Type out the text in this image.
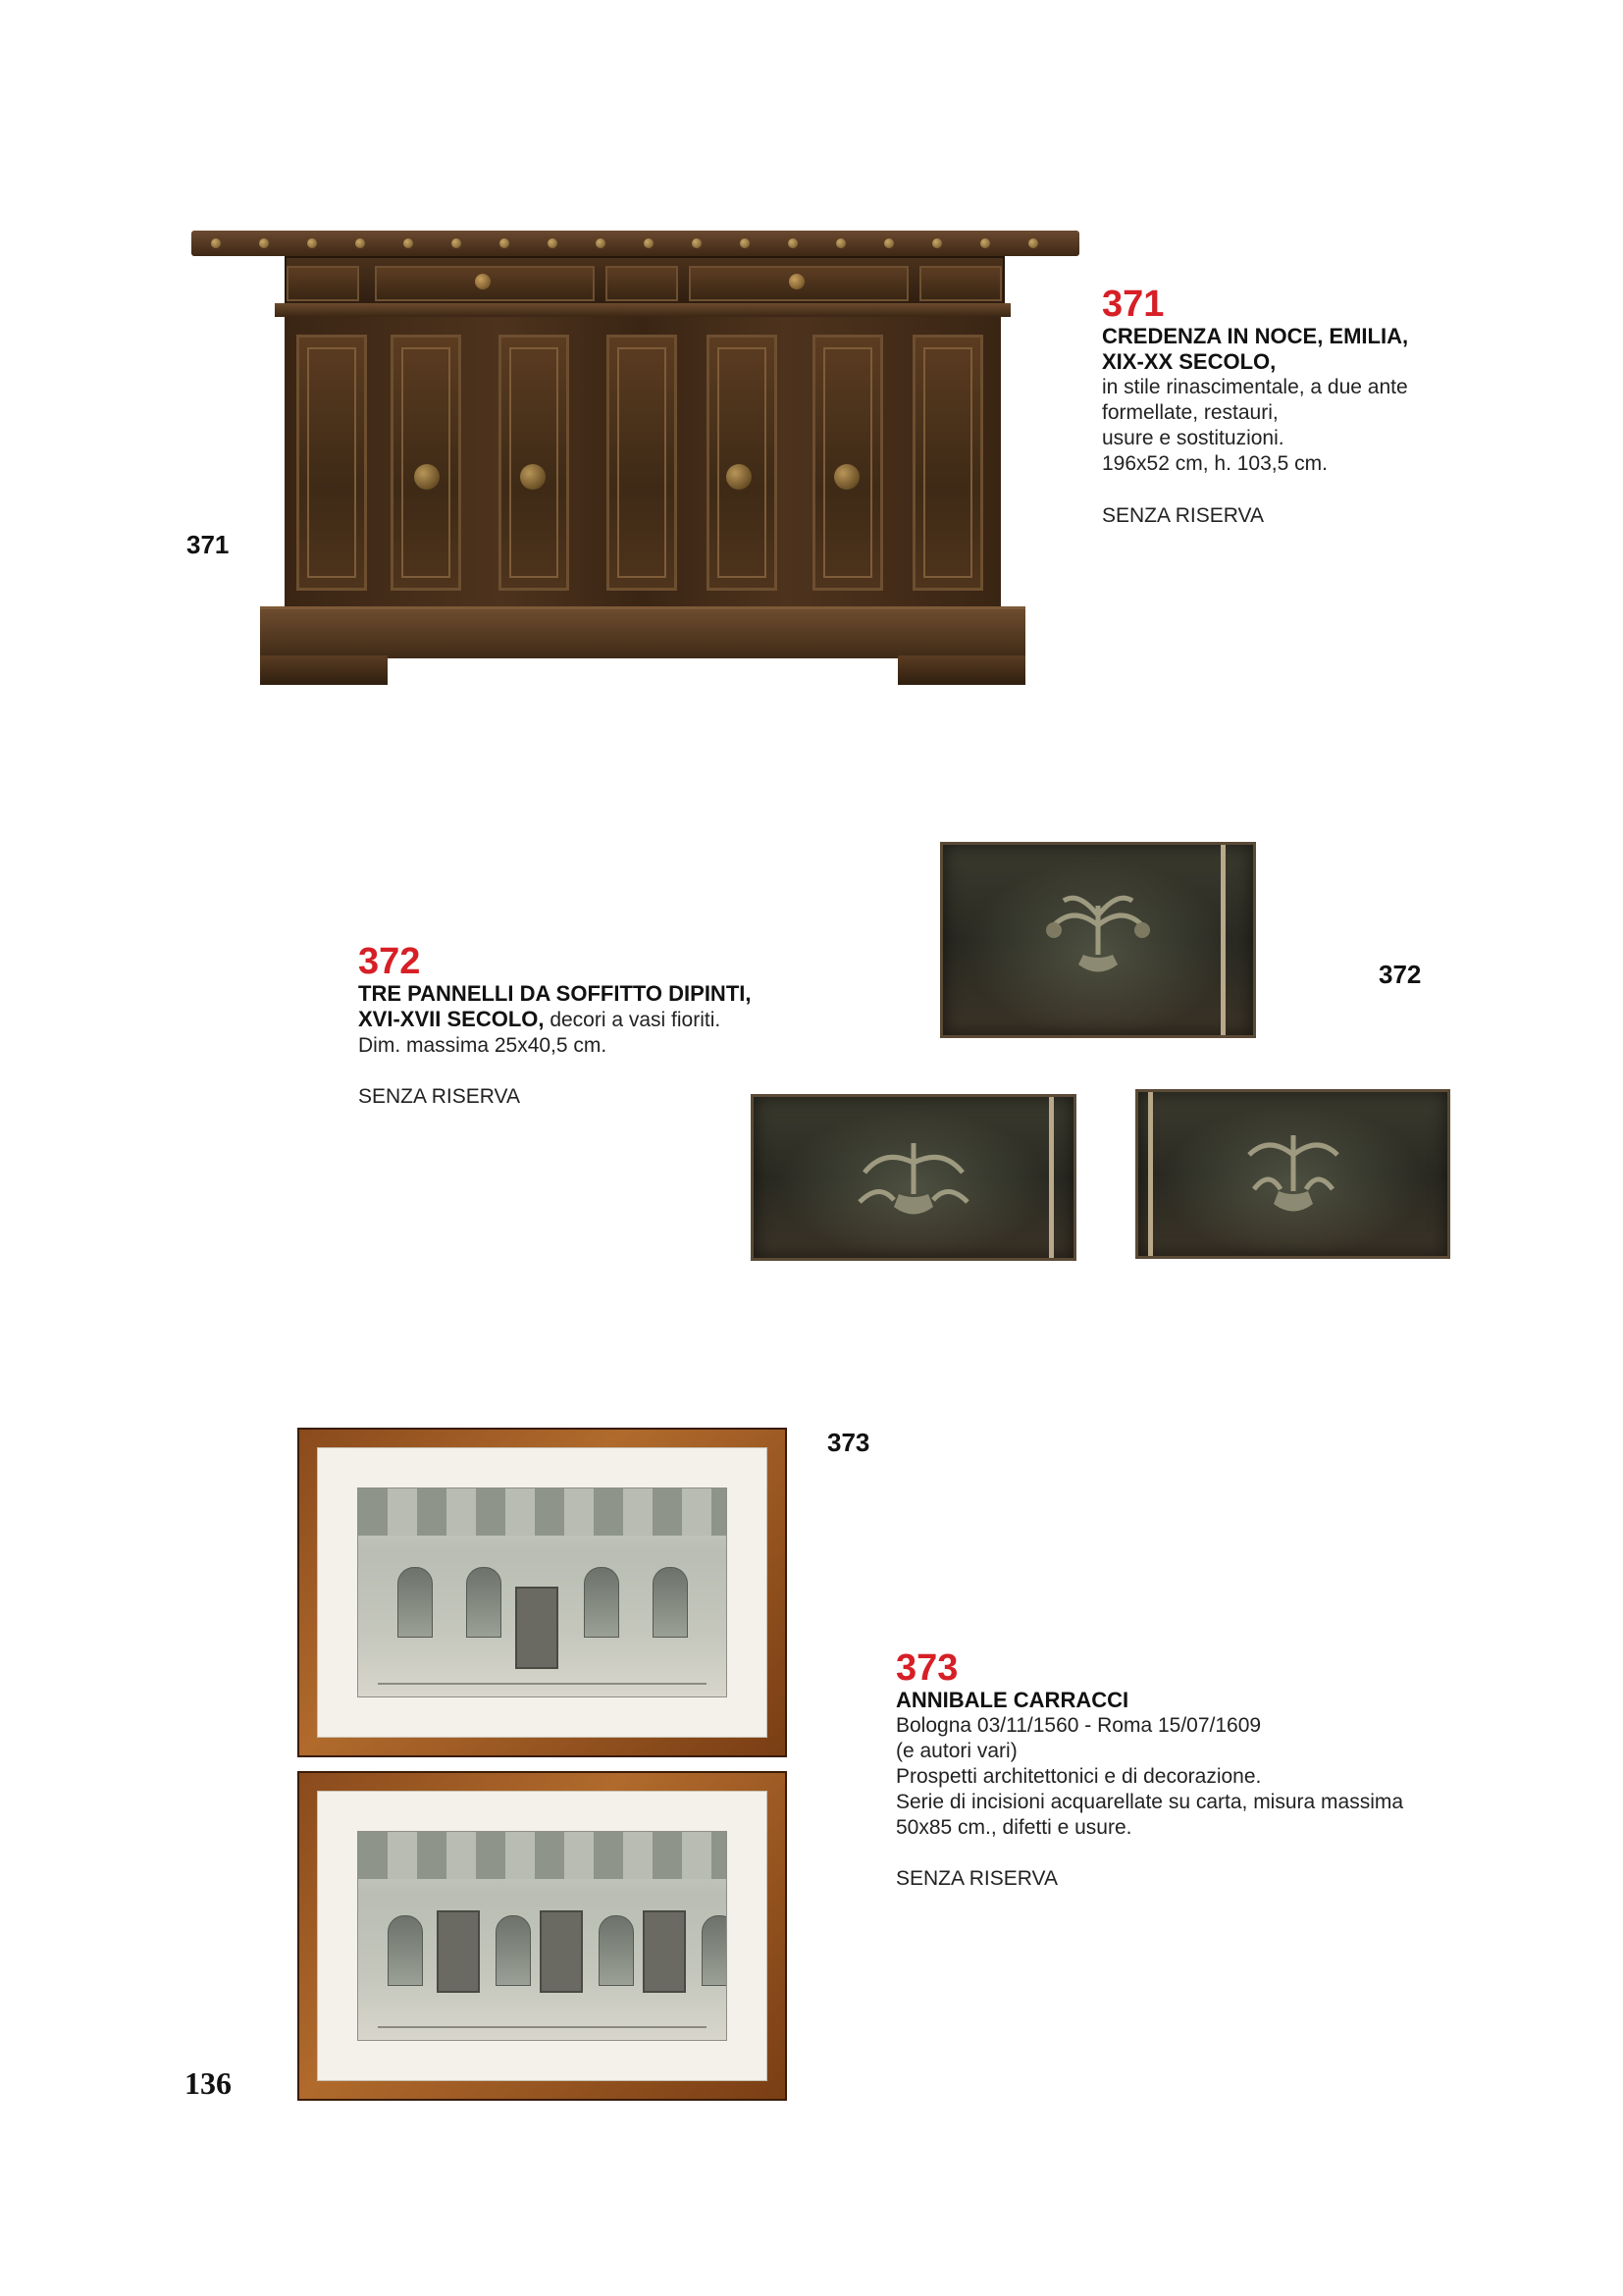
371
371
CREDENZA IN NOCE, EMILIA,
XIX-XX SECOLO,
in stile rinascimentale, a due ante
formellate, restauri,
usure e sostituzioni.
196x52 cm, h. 103,5 cm.
SENZA RISERVA
372
TRE PANNELLI DA SOFFITTO DIPINTI,
XVI-XVII SECOLO, decori a vasi fioriti.
Dim. massima 25x40,5 cm.
SENZA RISERVA
372
373
373
ANNIBALE CARRACCI
Bologna 03/11/1560 - Roma 15/07/1609
(e autori vari)
Prospetti architettonici e di decorazione.
Serie di incisioni acquarellate su carta, misura massima
50x85 cm., difetti e usure.
SENZA RISERVA
136
